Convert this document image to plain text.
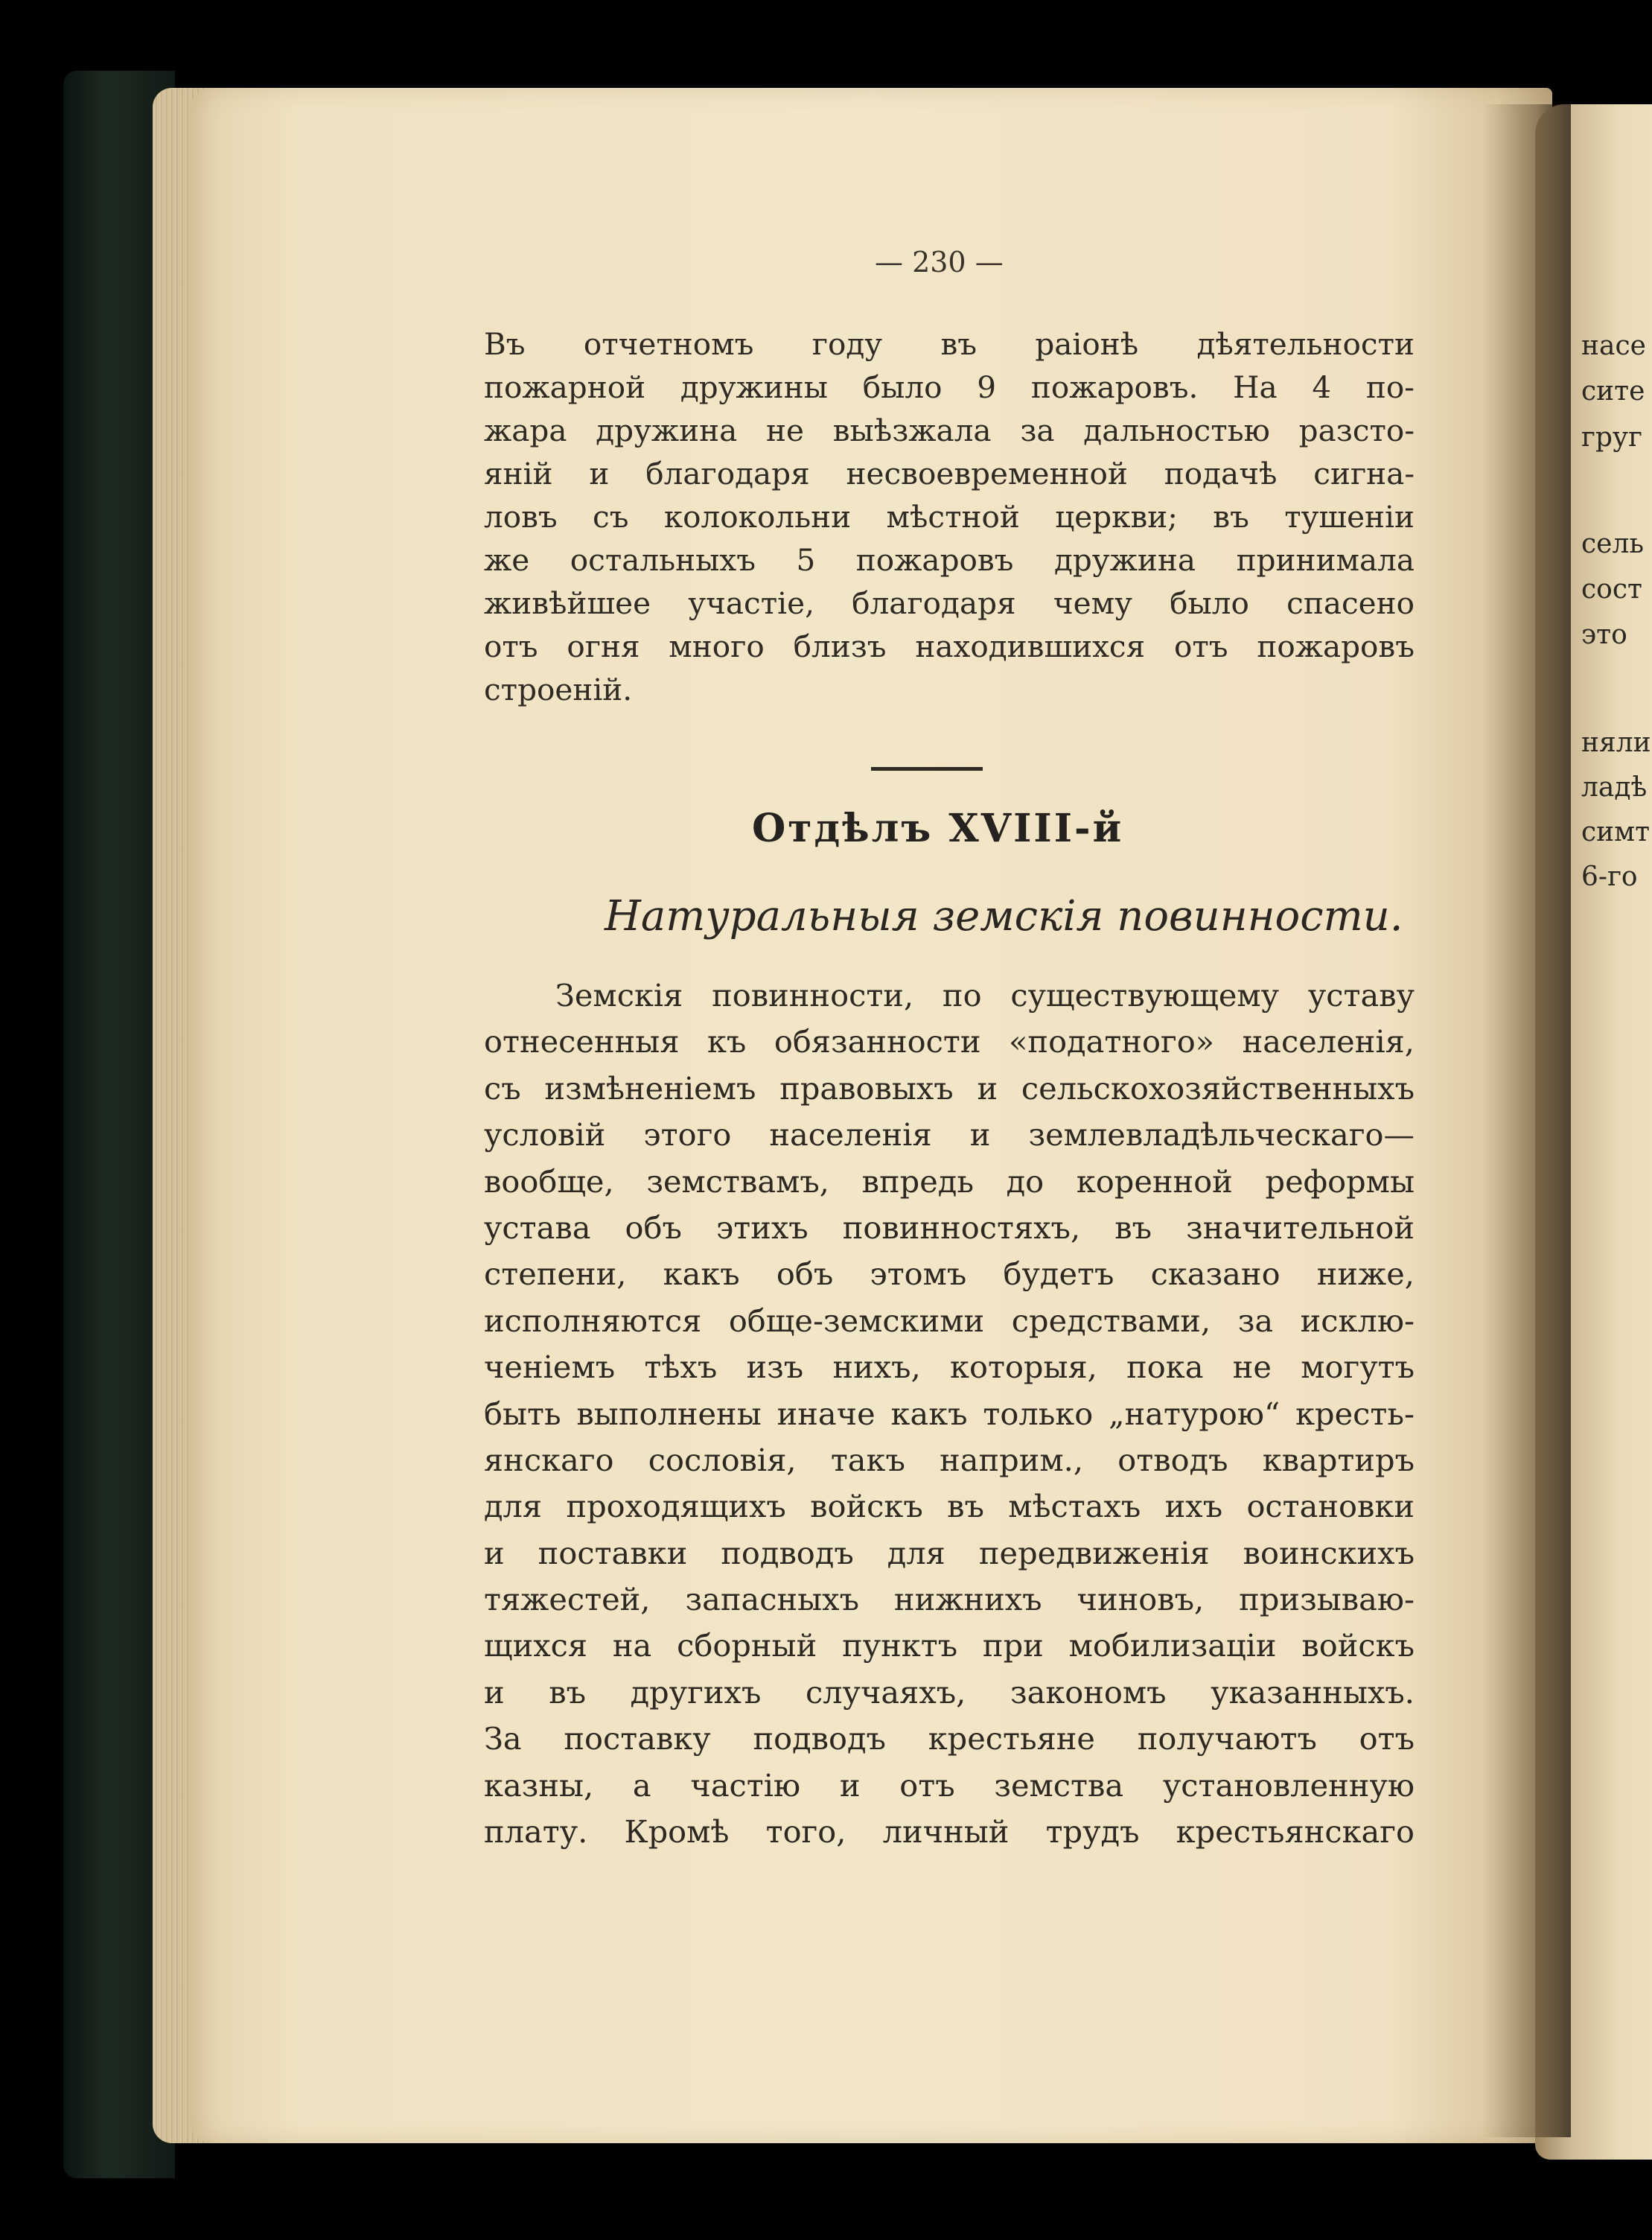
насе
сите
груг
сель
сост
это
няли
ладѣ
симт
6-го
— 230 —
Въ отчетномъ году въ раіонѣ дѣятельности
пожарной дружины было 9 пожаровъ. На 4 по-
жара дружина не выѣзжала за дальностью разсто-
яній и благодаря несвоевременной подачѣ сигна-
ловъ съ колокольни мѣстной церкви; въ тушеніи
же остальныхъ 5 пожаровъ дружина принимала
живѣйшее участіе, благодаря чему было спасено
отъ огня много близъ находившихся отъ пожаровъ
строеній.
Отдѣлъ XVIII-й
Натуральныя земскія повинности.
Земскія повинности, по существующему уставу
отнесенныя къ обязанности «податного» населенія,
съ измѣненіемъ правовыхъ и сельскохозяйственныхъ
условій этого населенія и землевладѣльческаго—
вообще, земствамъ, впредь до коренной реформы
устава объ этихъ повинностяхъ, въ значительной
степени, какъ объ этомъ будетъ сказано ниже,
исполняются обще-земскими средствами, за исклю-
ченіемъ тѣхъ изъ нихъ, которыя, пока не могутъ
быть выполнены иначе какъ только „натурою“ кресть-
янскаго сословія, такъ наприм., отводъ квартиръ
для проходящихъ войскъ въ мѣстахъ ихъ остановки
и поставки подводъ для передвиженія воинскихъ
тяжестей, запасныхъ нижнихъ чиновъ, призываю-
щихся на сборный пунктъ при мобилизаціи войскъ
и въ другихъ случаяхъ, закономъ указанныхъ.
За поставку подводъ крестьяне получаютъ отъ
казны, а частію и отъ земства установленную
плату. Кромѣ того, личный трудъ крестьянскаго
